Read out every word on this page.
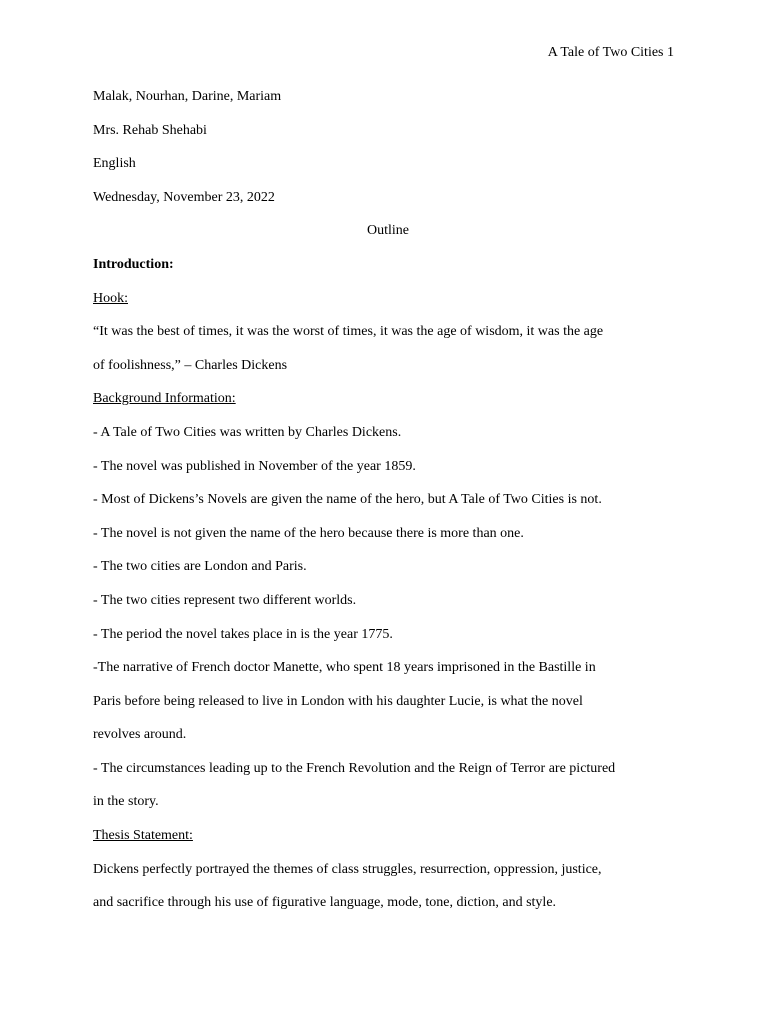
A Tale of Two Cities 1
Malak, Nourhan, Darine, Mariam
Mrs. Rehab Shehabi
English
Wednesday, November 23, 2022
Outline
Introduction:
Hook:
“It was the best of times, it was the worst of times, it was the age of wisdom, it was the age
of foolishness,” – Charles Dickens
Background Information:
- A Tale of Two Cities was written by Charles Dickens.
- The novel was published in November of the year 1859.
- Most of Dickens’s Novels are given the name of the hero, but A Tale of Two Cities is not.
- The novel is not given the name of the hero because there is more than one.
- The two cities are London and Paris.
- The two cities represent two different worlds.
- The period the novel takes place in is the year 1775.
-The narrative of French doctor Manette, who spent 18 years imprisoned in the Bastille in
Paris before being released to live in London with his daughter Lucie, is what the novel
revolves around.
- The circumstances leading up to the French Revolution and the Reign of Terror are pictured
in the story.
Thesis Statement:
Dickens perfectly portrayed the themes of class struggles, resurrection, oppression, justice,
and sacrifice through his use of figurative language, mode, tone, diction, and style.
